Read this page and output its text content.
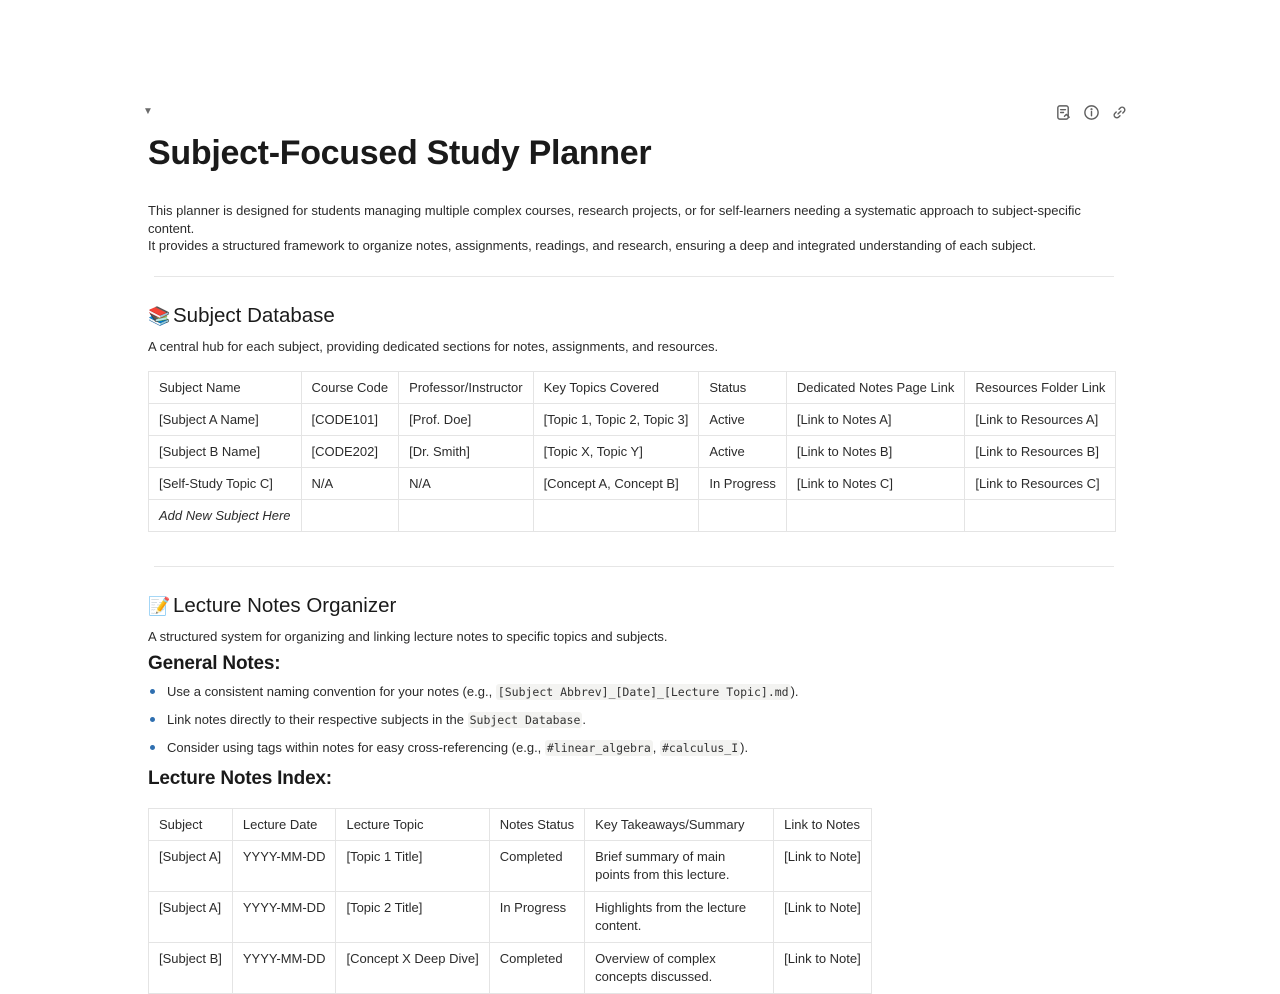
▼
Subject-Focused Study Planner

This planner is designed for students managing multiple complex courses, research projects, or for self-learners needing a systematic approach to subject-specific content.

It provides a structured framework to organize notes, assignments, readings, and research, ensuring a deep and integrated understanding of each subject.

📚 Subject Database
A central hub for each subject, providing dedicated sections for notes, assignments, and resources.
Subject Name	Course Code	Professor/Instructor	Key Topics Covered	Status	Dedicated Notes Page Link	Resources Folder Link
[Subject A Name]	[CODE101]	[Prof. Doe]	[Topic 1, Topic 2, Topic 3]	Active	[Link to Notes A]	[Link to Resources A]
[Subject B Name]	[CODE202]	[Dr. Smith]	[Topic X, Topic Y]	Active	[Link to Notes B]	[Link to Resources B]
[Self-Study Topic C]	N/A	N/A	[Concept A, Concept B]	In Progress	[Link to Notes C]	[Link to Resources C]
Add New Subject Here						
📝 Lecture Notes Organizer
A structured system for organizing and linking lecture notes to specific topics and subjects.
General Notes:
Use a consistent naming convention for your notes (e.g., [Subject Abbrev]_[Date]_[Lecture Topic].md ).
Link notes directly to their respective subjects in the Subject Database .
Consider using tags within notes for easy cross-referencing (e.g., #linear_algebra , #calculus_I ).
Lecture Notes Index:
Subject	Lecture Date	Lecture Topic	Notes Status	Key Takeaways/Summary	Link to Notes
[Subject A]	YYYY-MM-DD	[Topic 1 Title]	Completed	Brief summary of main points from this lecture.	[Link to Note]
[Subject A]	YYYY-MM-DD	[Topic 2 Title]	In Progress	Highlights from the lecture content.	[Link to Note]
[Subject B]	YYYY-MM-DD	[Concept X Deep Dive]	Completed	Overview of complex concepts discussed.	[Link to Note]
